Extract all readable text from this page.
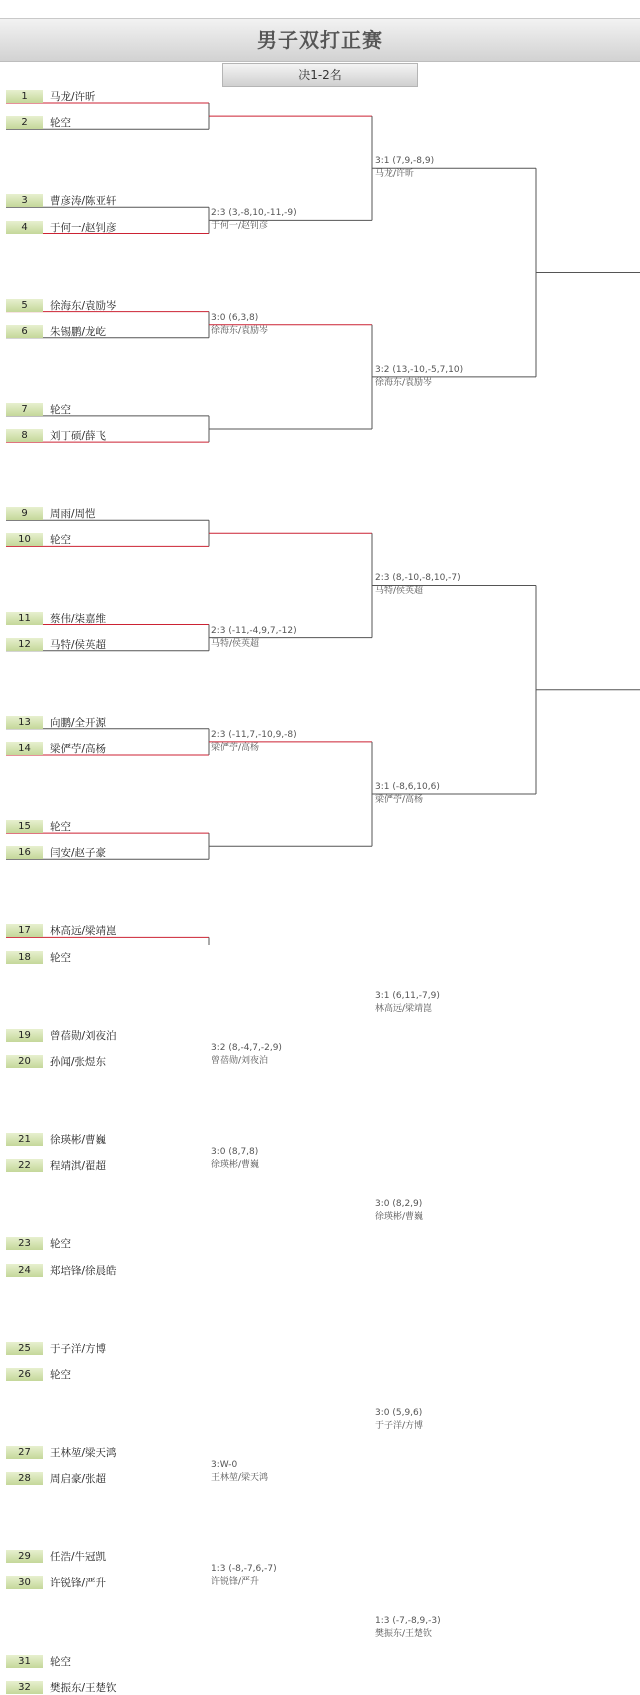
男子双打正赛
决1-2名
1	马龙/许昕
2	轮空
3	曹彦涛/陈亚轩
4	于何一/赵钊彦
5	徐海东/袁励岑
6	朱锡鹏/龙屹
7	轮空
8	刘丁硕/薛飞
9	周雨/周恺
10	轮空
11	蔡伟/柒嘉维
12	马特/侯英超
13	向鹏/全开源
14	梁俨苧/高杨
15	轮空
16	闫安/赵子豪
17	林高远/梁靖崑
18	轮空
19	曾蓓勋/刘夜泊
20	孙闻/张煜东
21	徐瑛彬/曹巍
22	程靖淇/翟超
23	轮空
24	郑培锋/徐晨皓
25	于子洋/方博
26	轮空
27	王林堃/梁天鸿
28	周启豪/张超
29	任浩/牛冠凯
30	许锐锋/严升
31	轮空
32	樊振东/王楚钦
2:3 (3,-8,10,-11,-9)
于何一/赵钊彦
3:0 (6,3,8)
徐海东/袁励岑
2:3 (-11,-4,9,7,-12)
马特/侯英超
2:3 (-11,7,-10,9,-8)
梁俨苧/高杨
3:2 (8,-4,7,-2,9)
曾蓓勋/刘夜泊
3:0 (8,7,8)
徐瑛彬/曹巍
3:W-0
王林堃/梁天鸿
1:3 (-8,-7,6,-7)
许锐锋/严升
3:1 (7,9,-8,9)
马龙/许昕
3:2 (13,-10,-5,7,10)
徐海东/袁励岑
2:3 (8,-10,-8,10,-7)
马特/侯英超
3:1 (-8,6,10,6)
梁俨苧/高杨
3:1 (6,11,-7,9)
林高远/梁靖崑
3:0 (8,2,9)
徐瑛彬/曹巍
3:0 (5,9,6)
于子洋/方博
1:3 (-7,-8,9,-3)
樊振东/王楚钦
